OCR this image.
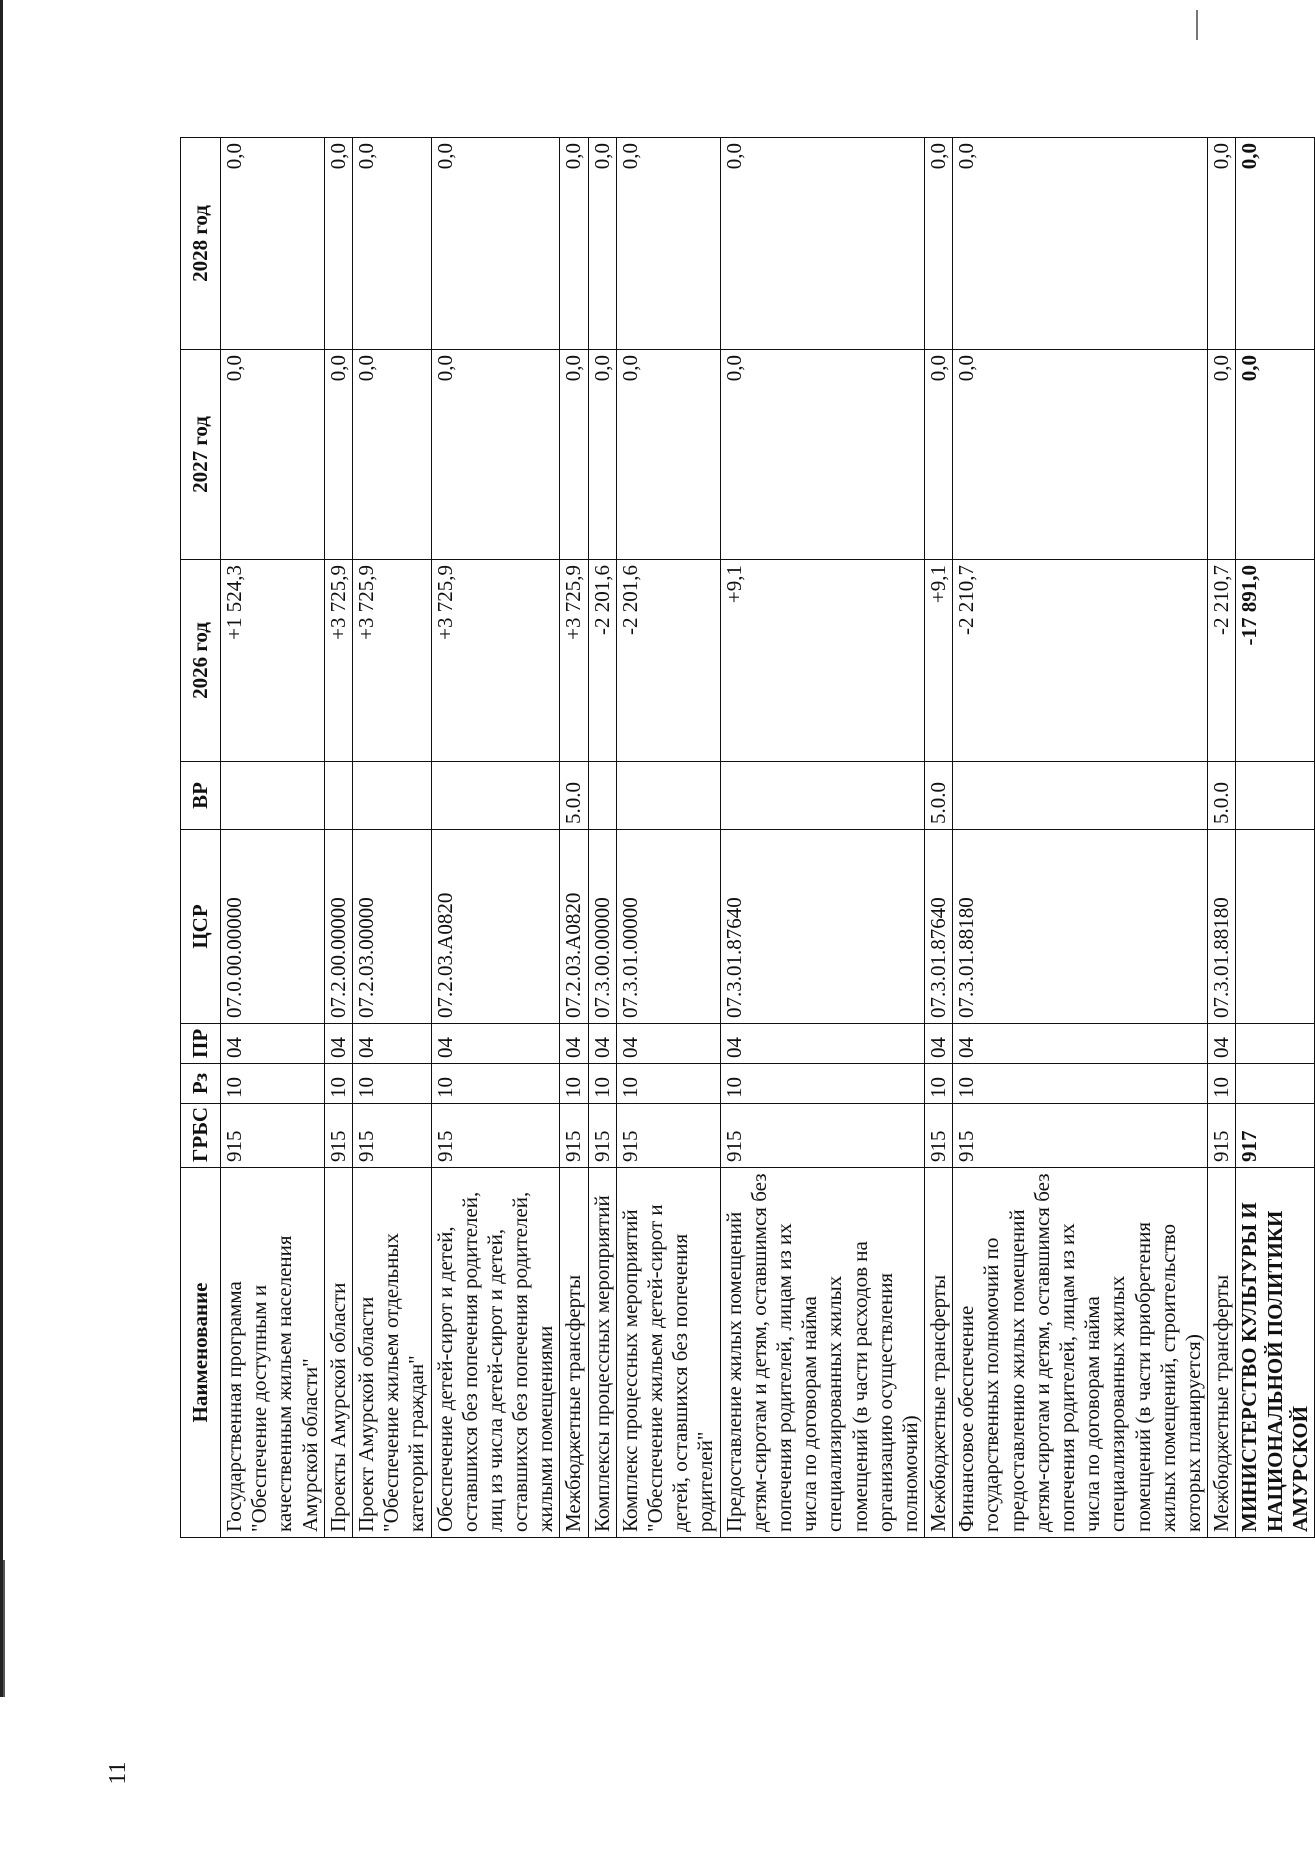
11
Наименование	ГРБС	Рз	ПР	ЦСР	ВР	2026 год	2027 год	2028 год
Государственная программа "Обеспечение доступным и качественным жильем населения Амурской области"	915	10	04	07.0.00.00000		+1 524,3	0,0	0,0
Проекты Амурской области	915	10	04	07.2.00.00000		+3 725,9	0,0	0,0
Проект Амурской области "Обеспечение жильем отдельных категорий граждан"	915	10	04	07.2.03.00000		+3 725,9	0,0	0,0
Обеспечение детей-сирот и детей, оставшихся без попечения родителей, лиц из числа детей-сирот и детей, оставшихся без попечения родителей, жилыми помещениями	915	10	04	07.2.03.А0820		+3 725,9	0,0	0,0
Межбюджетные трансферты	915	10	04	07.2.03.А0820	5.0.0	+3 725,9	0,0	0,0
Комплексы процессных мероприятий	915	10	04	07.3.00.00000		-2 201,6	0,0	0,0
Комплекс процессных мероприятий "Обеспечение жильем детей-сирот и детей, оставшихся без попечения родителей"	915	10	04	07.3.01.00000		-2 201,6	0,0	0,0
Предоставление жилых помещений детям-сиротам и детям, оставшимся без попечения родителей, лицам из их числа по договорам найма специализированных жилых помещений (в части расходов на организацию осуществления полномочий)	915	10	04	07.3.01.87640		+9,1	0,0	0,0
Межбюджетные трансферты	915	10	04	07.3.01.87640	5.0.0	+9,1	0,0	0,0
Финансовое обеспечение государственных полномочий по предоставлению жилых помещений детям-сиротам и детям, оставшимся без попечения родителей, лицам из их числа по договорам найма специализированных жилых помещений (в части приобретения жилых помещений, строительство которых планируется)	915	10	04	07.3.01.88180		-2 210,7	0,0	0,0
Межбюджетные трансферты	915	10	04	07.3.01.88180	5.0.0	-2 210,7	0,0	0,0
МИНИСТЕРСТВО КУЛЬТУРЫ И НАЦИОНАЛЬНОЙ ПОЛИТИКИ АМУРСКОЙ	917					-17 891,0	0,0	0,0
